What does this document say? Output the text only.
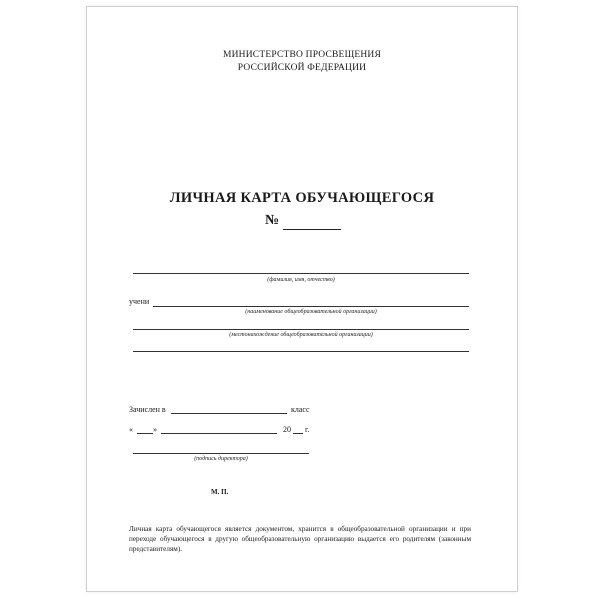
МИНИСТЕРСТВО ПРОСВЕЩЕНИЯ
РОССИЙСКОЙ ФЕДЕРАЦИИ
ЛИЧНАЯ КАРТА ОБУЧАЮЩЕГОСЯ
№
(фамилия, имя, отчество)
учени
(наименование общеобразовательной организации)
(местонахождение общеобразовательной организации)
Зачислен в	класс
«	»	20 г.
(подпись директора)
М. П.
Личная карта обучающегося является документом, хранится в общеобразовательной организации и при переходе обучающегося в другую общеобразовательную организацию выдается его родителям (законным представителям).
